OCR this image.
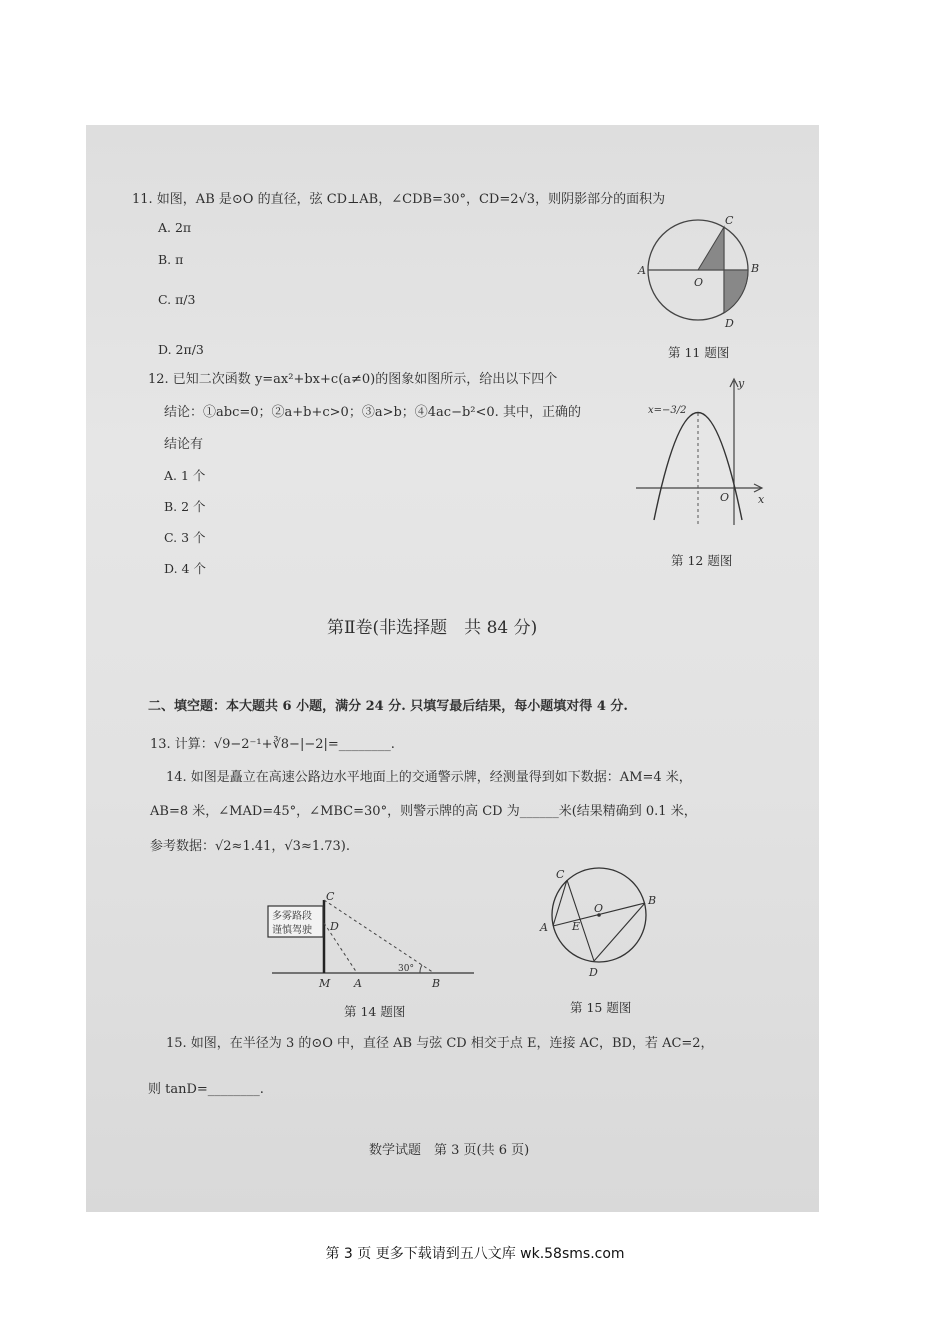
11. 如图，AB 是⊙O 的直径，弦 CD⊥AB，∠CDB=30°，CD=2√3，则阴影部分的面积为
A. 2π
B. π
C. π/3
D. 2π/3
A	B
C
D
O
第 11 题图
12. 已知二次函数 y=ax²+bx+c(a≠0)的图象如图所示，给出以下四个
结论：①abc=0；②a+b+c>0；③a>b；④4ac−b²<0. 其中，正确的
结论有
A. 1 个
B. 2 个
C. 3 个
D. 4 个
x=−3/2
y
x
O
第 12 题图
第Ⅱ卷(非选择题　共 84 分)
二、填空题：本大题共 6 小题，满分 24 分. 只填写最后结果，每小题填对得 4 分.
13. 计算：√9−2⁻¹+∛8−|−2|=________.
14. 如图是矗立在高速公路边水平地面上的交通警示牌，经测量得到如下数据：AM=4 米，
AB=8 米，∠MAD=45°，∠MBC=30°，则警示牌的高 CD 为______米(结果精确到 0.1 米，
参考数据：√2≈1.41，√3≈1.73).
多雾路段
谨慎驾驶
C
D
M A	B
30°
第 14 题图
C
B
A E
O
D
第 15 题图
15. 如图，在半径为 3 的⊙O 中，直径 AB 与弦 CD 相交于点 E，连接 AC，BD，若 AC=2，
则 tanD=________.
数学试题　第 3 页(共 6 页)
第 3 页 更多下载请到五八文库 wk.58sms.com
